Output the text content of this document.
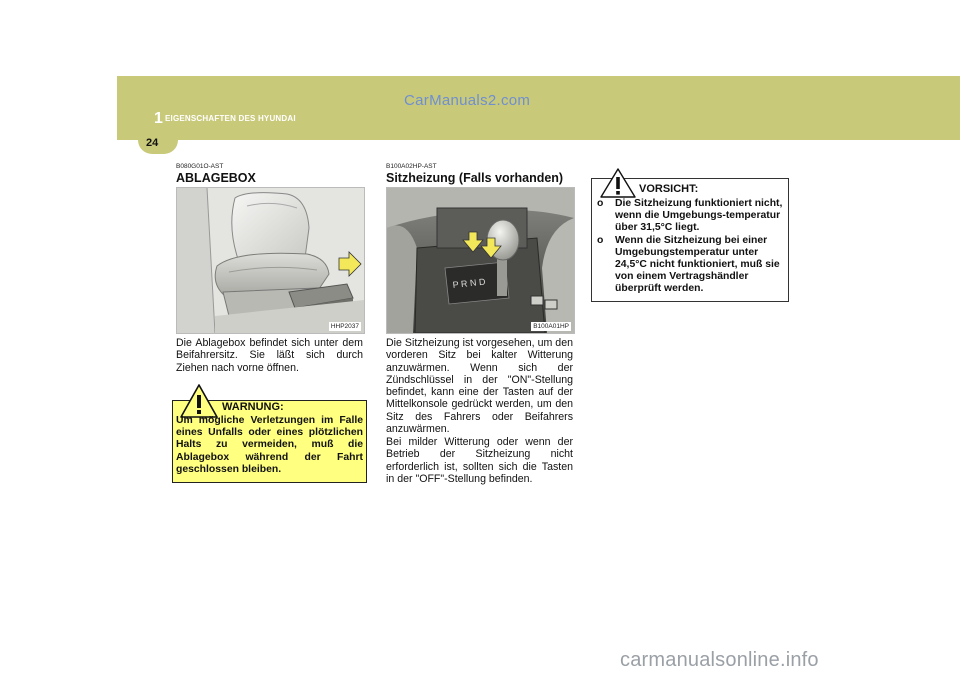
1 EIGENSCHAFTEN DES HYUNDAI
CarManuals2.com
24
B080G01O-AST
ABLAGEBOX
HHP2037

Die Ablagebox befindet sich unter dem Beifahrersitz. Sie läßt sich durch Ziehen nach vorne öffnen.

WARNUNG:

Um mögliche Verletzungen im Falle eines Unfalls oder eines plötzlichen Halts zu vermeiden, muß die Ablagebox während der Fahrt geschlossen bleiben.

B100A02HP-AST
Sitzheizung (Falls vorhanden)
P R N D
B100A01HP

Die Sitzheizung ist vorgesehen, um den vorderen Sitz bei kalter Witterung anzuwärmen. Wenn sich der Zündschlüssel in der "ON"-Stellung befindet, kann eine der Tasten auf der Mittelkonsole gedrückt werden, um den Sitz des Fahrers oder Beifahrers anzuwärmen.

Bei milder Witterung oder wenn der Betrieb der Sitzheizung nicht erforderlich ist, sollten sich die Tasten in der "OFF"-Stellung befinden.

VORSICHT:
o Die Sitzheizung funktioniert nicht, wenn die Umgebungs-temperatur über 31,5°C liegt.
o Wenn die Sitzheizung bei einer Umgebungstemperatur unter 24,5°C nicht funktioniert, muß sie von einem Vertragshändler überprüft werden.
carmanualsonline.info
